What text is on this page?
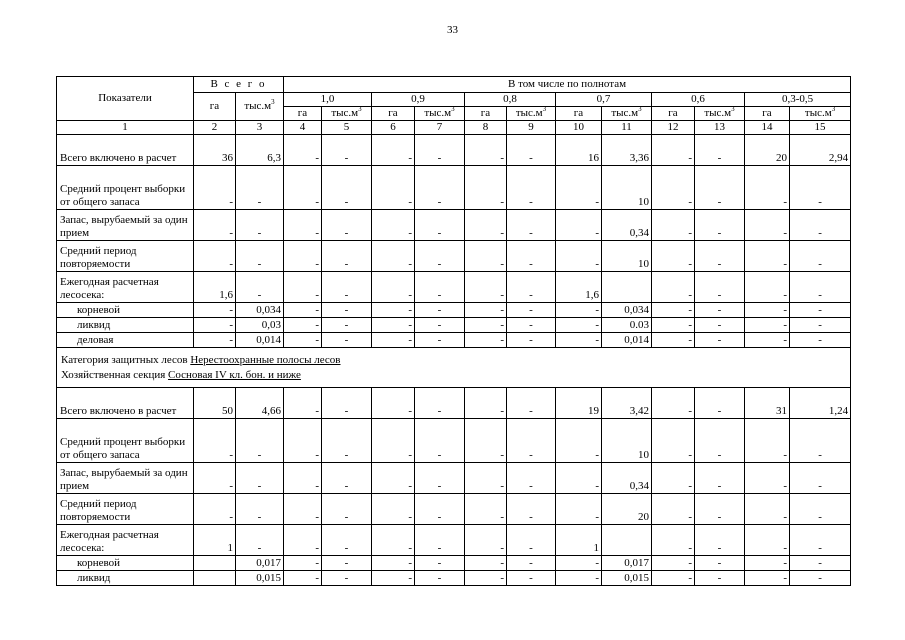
33
Показатели	В с е г о		В том числе по полнотам											
	га	$тыс.м^3$	1,0		0,9		0,8		0,7		0,6		0,3-0,5	
			га	$тыс.м^3$	га	$тыс.м^3$	га	$тыс.м^3$	га	$тыс.м^3$	га	$тыс.м^3$	га	$тыс.м^3$
1	2	3	4	5	6	7	8	9	10	11	12	13	14	15
Всего включено в расчет	36	6,3	-	-	-	-	-	-	16	3,36	-	-	20	2,94
Средний процент выборки от общего запаса	-	-	-	-	-	-	-	-	-	10	-	-	-	-
Запас, вырубаемый за один прием	-	-	-	-	-	-	-	-	-	0,34	-	-	-	-
Средний период повторяемости	-	-	-	-	-	-	-	-	-	10	-	-	-	-
Ежегодная расчетная лесосека:	1,6	-	-	-	-	-	-	-	1,6		-	-	-	-
корневой	-	0,034	-	-	-	-	-	-	-	0,034	-	-	-	-
ликвид	-	0,03	-	-	-	-	-	-	-	0.03	-	-	-	-
деловая	-	0,014	-	-	-	-	-	-	-	0,014	-	-	-	-

Категория защитных лесов Нерестоохранные полосы лесов
Хозяйственная секция Сосновая IV кл. бон. и ниже														

Всего включено в расчет	50	4,66	-	-	-	-	-	-	19	3,42	-	-	31	1,24
Средний процент выборки от общего запаса	-	-	-	-	-	-	-	-	-	10	-	-	-	-
Запас, вырубаемый за один прием	-	-	-	-	-	-	-	-	-	0,34	-	-	-	-
Средний период повторяемости	-	-	-	-	-	-	-	-	-	20	-	-	-	-
Ежегодная расчетная лесосека:	1	-	-	-	-	-	-	-	1		-	-	-	-
корневой		0,017	-	-	-	-	-	-	-	0,017	-	-	-	-
ликвид		0,015	-	-	-	-	-	-	-	0,015	-	-	-	-
